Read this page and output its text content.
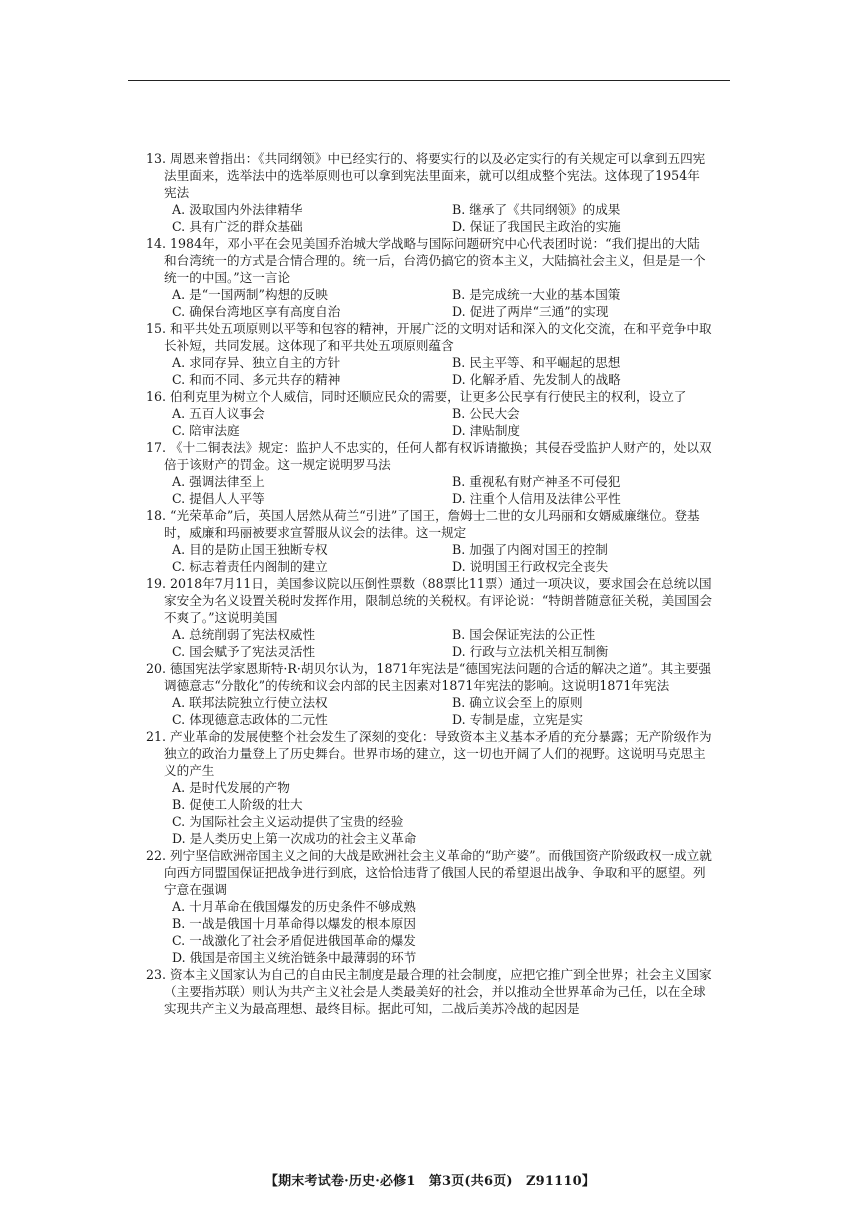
13. 周恩来曾指出：《共同纲领》中已经实行的、将要实行的以及必定实行的有关规定可以拿到五四宪法里面来，选举法中的选举原则也可以拿到宪法里面来，就可以组成整个宪法。这体现了1954年宪法

A. 汲取国内外法律精华	B. 继承了《共同纲领》的成果
C. 具有广泛的群众基础	D. 保证了我国民主政治的实施

14. 1984年，邓小平在会见美国乔治城大学战略与国际问题研究中心代表团时说：“我们提出的大陆和台湾统一的方式是合情合理的。统一后，台湾仍搞它的资本主义，大陆搞社会主义，但是是一个统一的中国。”这一言论

A. 是“一国两制”构想的反映	B. 是完成统一大业的基本国策
C. 确保台湾地区享有高度自治	D. 促进了两岸“三通”的实现

15. 和平共处五项原则以平等和包容的精神，开展广泛的文明对话和深入的文化交流，在和平竞争中取长补短，共同发展。这体现了和平共处五项原则蕴含

A. 求同存异、独立自主的方针	B. 民主平等、和平崛起的思想
C. 和而不同、多元共存的精神	D. 化解矛盾、先发制人的战略

16. 伯利克里为树立个人威信，同时还顺应民众的需要，让更多公民享有行使民主的权利，设立了

A. 五百人议事会	B. 公民大会
C. 陪审法庭	D. 津贴制度

17. 《十二铜表法》规定：监护人不忠实的，任何人都有权诉请撤换；其侵吞受监护人财产的，处以双倍于该财产的罚金。这一规定说明罗马法

A. 强调法律至上	B. 重视私有财产神圣不可侵犯
C. 提倡人人平等	D. 注重个人信用及法律公平性

18. “光荣革命”后，英国人居然从荷兰“引进”了国王，詹姆士二世的女儿玛丽和女婿威廉继位。登基时，威廉和玛丽被要求宣誓服从议会的法律。这一规定

A. 目的是防止国王独断专权	B. 加强了内阁对国王的控制
C. 标志着责任内阁制的建立	D. 说明国王行政权完全丧失

19. 2018年7月11日，美国参议院以压倒性票数（88票比11票）通过一项决议，要求国会在总统以国家安全为名义设置关税时发挥作用，限制总统的关税权。有评论说：“特朗普随意征关税，美国国会不爽了。”这说明美国

A. 总统削弱了宪法权威性	B. 国会保证宪法的公正性
C. 国会赋予了宪法灵活性	D. 行政与立法机关相互制衡

20. 德国宪法学家恩斯特·R·胡贝尔认为，1871年宪法是“德国宪法问题的合适的解决之道”。其主要强调德意志“分散化”的传统和议会内部的民主因素对1871年宪法的影响。这说明1871年宪法

A. 联邦法院独立行使立法权	B. 确立议会至上的原则
C. 体现德意志政体的二元性	D. 专制是虚，立宪是实

21. 产业革命的发展使整个社会发生了深刻的变化：导致资本主义基本矛盾的充分暴露；无产阶级作为独立的政治力量登上了历史舞台。世界市场的建立，这一切也开阔了人们的视野。这说明马克思主义的产生

A. 是时代发展的产物
B. 促使工人阶级的壮大
C. 为国际社会主义运动提供了宝贵的经验
D. 是人类历史上第一次成功的社会主义革命

22. 列宁坚信欧洲帝国主义之间的大战是欧洲社会主义革命的“助产婆”。而俄国资产阶级政权一成立就向西方同盟国保证把战争进行到底，这恰恰违背了俄国人民的希望退出战争、争取和平的愿望。列宁意在强调

A. 十月革命在俄国爆发的历史条件不够成熟
B. 一战是俄国十月革命得以爆发的根本原因
C. 一战激化了社会矛盾促进俄国革命的爆发
D. 俄国是帝国主义统治链条中最薄弱的环节

23. 资本主义国家认为自己的自由民主制度是最合理的社会制度，应把它推广到全世界；社会主义国家（主要指苏联）则认为共产主义社会是人类最美好的社会，并以推动全世界革命为己任，以在全球实现共产主义为最高理想、最终目标。据此可知，二战后美苏冷战的起因是

【期末考试卷·历史·必修1　第3页(共6页)　Z91110】
